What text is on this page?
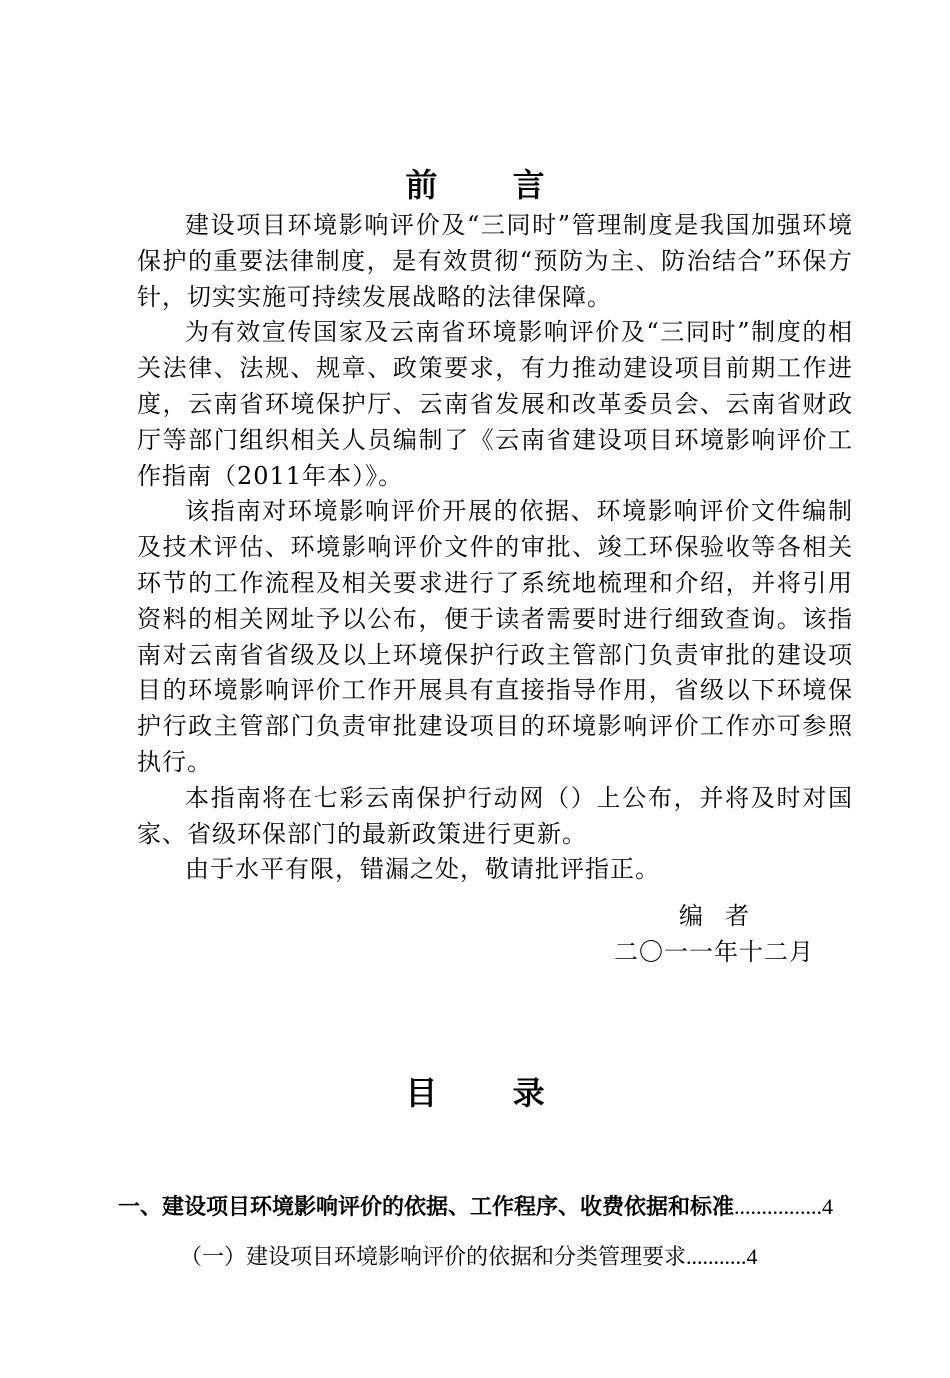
前 言

建设项目环境影响评价及“三同时”管理制度是我国加强环境保护的重要法律制度，是有效贯彻“预防为主、防治结合”环保方针，切实实施可持续发展战略的法律保障。

为有效宣传国家及云南省环境影响评价及“三同时”制度的相关法律、法规、规章、政策要求，有力推动建设项目前期工作进度，云南省环境保护厅、云南省发展和改革委员会、云南省财政厅等部门组织相关人员编制了《云南省建设项目环境影响评价工作指南（2011年本）》。

该指南对环境影响评价开展的依据、环境影响评价文件编制及技术评估、环境影响评价文件的审批、竣工环保验收等各相关环节的工作流程及相关要求进行了系统地梳理和介绍，并将引用资料的相关网址予以公布，便于读者需要时进行细致查询。该指南对云南省省级及以上环境保护行政主管部门负责审批的建设项目的环境影响评价工作开展具有直接指导作用，省级以下环境保护行政主管部门负责审批建设项目的环境影响评价工作亦可参照执行。

本指南将在七彩云南保护行动网（）上公布，并将及时对国家、省级环保部门的最新政策进行更新。

由于水平有限，错漏之处，敬请批评指正。

编者
二〇一一年十二月
目 录
一、建设项目环境影响评价的依据、工作程序、收费依据和标准 ................ 4
（一）建设项目环境影响评价的依据和分类管理要求 ........... 4
